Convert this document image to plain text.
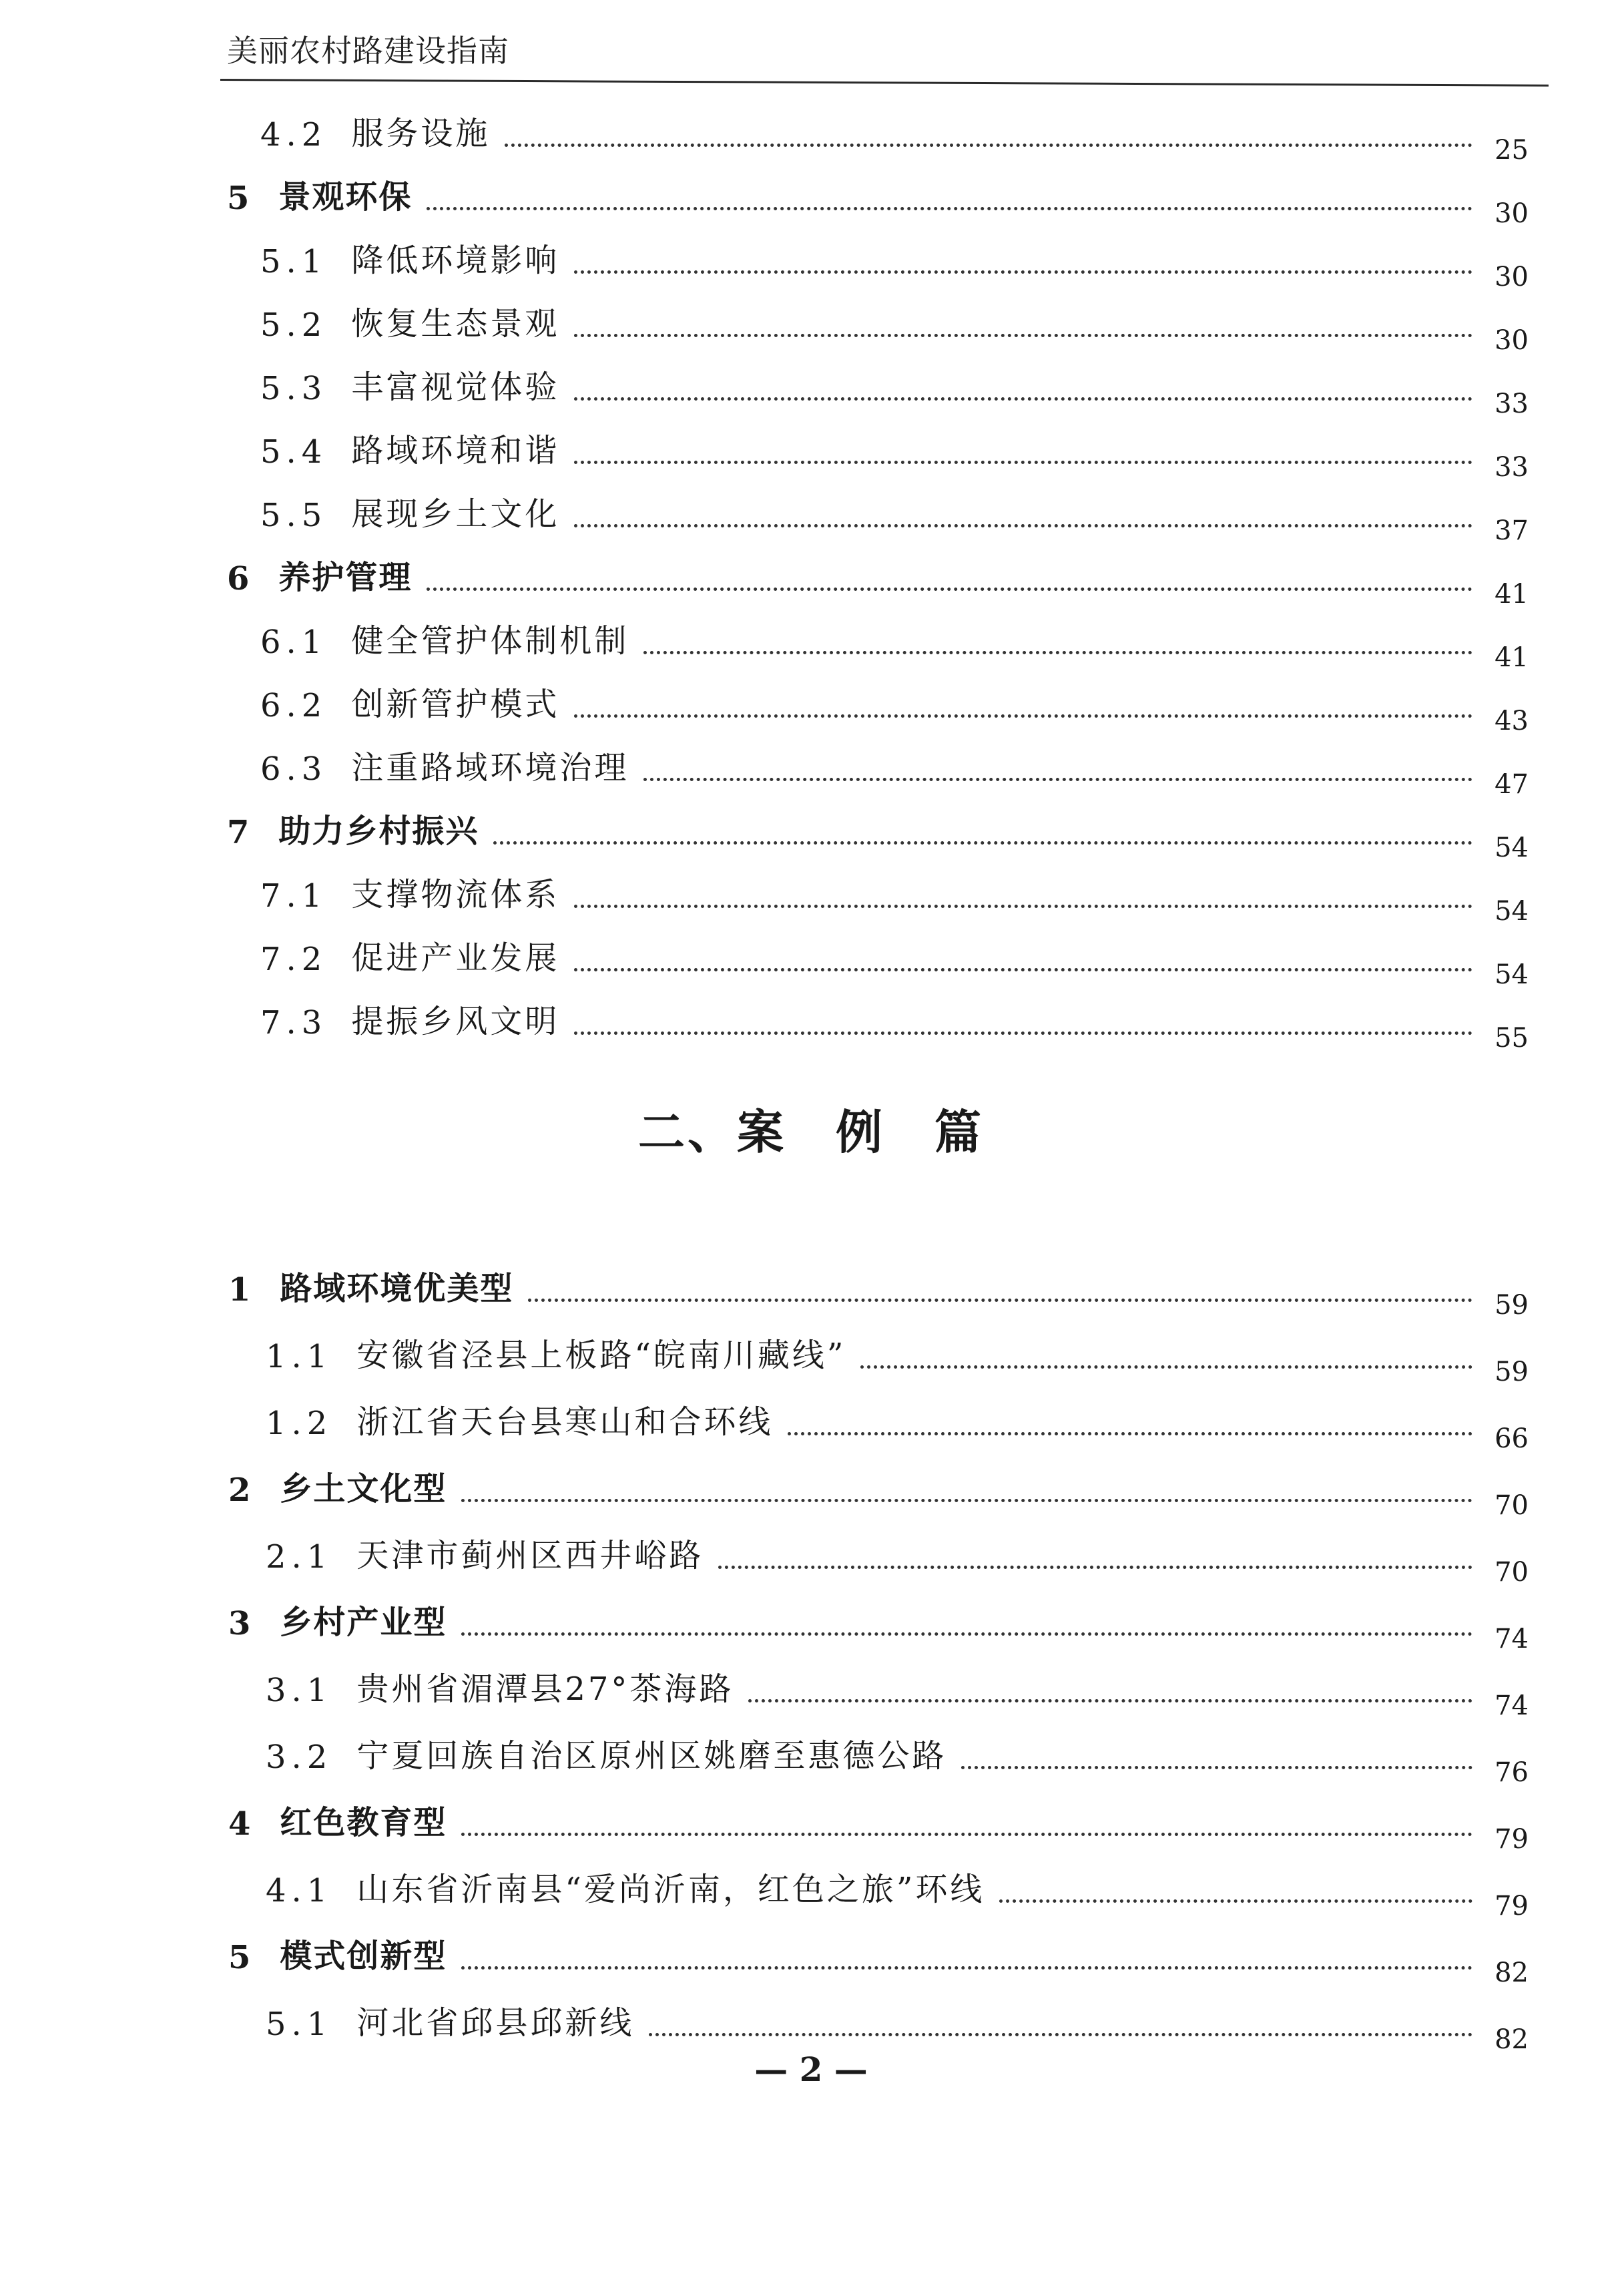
美丽农村路建设指南
4.2 服务设施	25
5 景观环保	30
5.1 降低环境影响	30
5.2 恢复生态景观	30
5.3 丰富视觉体验	33
5.4 路域环境和谐	33
5.5 展现乡土文化	37
6 养护管理	41
6.1 健全管护体制机制	41
6.2 创新管护模式	43
6.3 注重路域环境治理	47
7 助力乡村振兴	54
7.1 支撑物流体系	54
7.2 促进产业发展	54
7.3 提振乡风文明	55
二、案　例　篇
1 路域环境优美型	59
1.1 安徽省泾县上板路“皖南川藏线”	59
1.2 浙江省天台县寒山和合环线	66
2 乡土文化型	70
2.1 天津市蓟州区西井峪路	70
3 乡村产业型	74
3.1 贵州省湄潭县27°茶海路	74
3.2 宁夏回族自治区原州区姚磨至惠德公路	76
4 红色教育型	79
4.1 山东省沂南县“爱尚沂南，红色之旅”环线	79
5 模式创新型	82
5.1 河北省邱县邱新线	82
— 2 —
